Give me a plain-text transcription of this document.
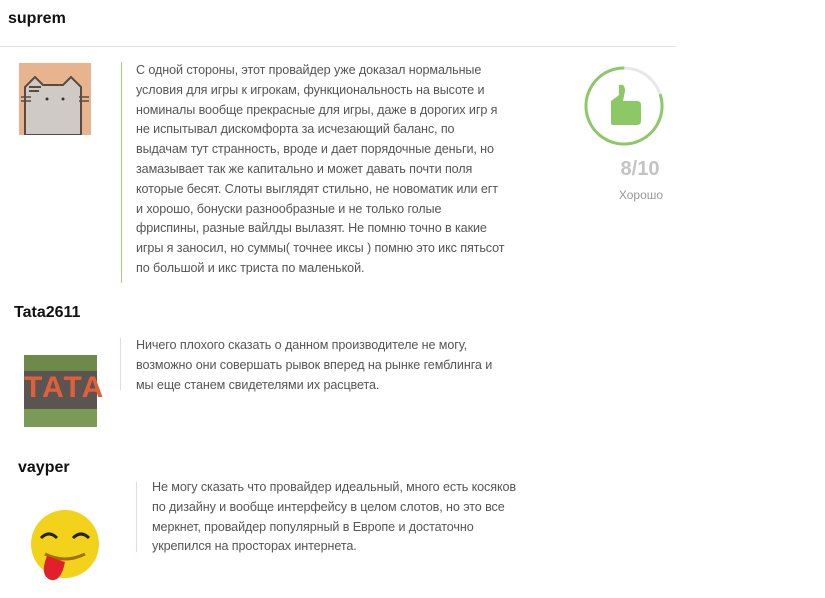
suprem
С одной стороны, этот провайдер уже доказал нормальные
условия для игры к игрокам, функциональность на высоте и
номиналы вообще прекрасные для игры, даже в дорогих игр я
не испытывал дискомфорта за исчезающий баланс, по
выдачам тут странность, вроде и дает порядочные деньги, но
замазывает так же капитально и может давать почти поля
которые бесят. Слоты выглядят стильно, не новоматик или егт
и хорошо, бонуски разнообразные и не только голые
фриспины, разные вайлды вылазят. Не помню точно в какие
игры я заносил, но суммы( точнее иксы ) помню это икс пятьсот
по большой и икс триста по маленькой.
8/10
Хорошо
Tata2611
TATA
Ничего плохого сказать о данном производителе не могу,
возможно они совершать рывок вперед на рынке гемблинга и
мы еще станем свидетелями их расцвета.
vayper
Не могу сказать что провайдер идеальный, много есть косяков
по дизайну и вообще интерфейсу в целом слотов, но это все
меркнет, провайдер популярный в Европе и достаточно
укрепился на просторах интернета.
